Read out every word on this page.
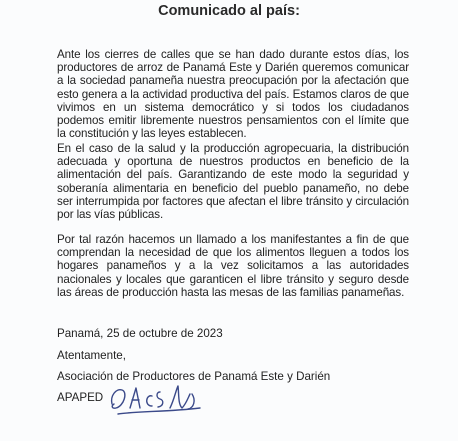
Comunicado al país:
Ante los cierres de calles que se han dado durante estos días, los productores de arroz de Panamá Este y Darién queremos comunicar a la sociedad panameña nuestra preocupación por la afectación que esto genera a la actividad productiva del país. Estamos claros de que vivimos en un sistema democrático y si todos los ciudadanos podemos emitir libremente nuestros pensamientos con el límite que la constitución y las leyes establecen.
En el caso de la salud y la producción agropecuaria, la distribución adecuada y oportuna de nuestros productos en beneficio de la alimentación del país. Garantizando de este modo la seguridad y soberanía alimentaria en beneficio del pueblo panameño, no debe ser interrumpida por factores que afectan el libre tránsito y circulación por las vías públicas.
Por tal razón hacemos un llamado a los manifestantes a fin de que comprendan la necesidad de que los alimentos lleguen a todos los hogares panameños y a la vez solicitamos a las autoridades nacionales y locales que garanticen el libre tránsito y seguro desde las áreas de producción hasta las mesas de las familias panameñas.
Panamá, 25 de octubre de 2023
Atentamente,
Asociación de Productores de Panamá Este y Darién
APAPED
